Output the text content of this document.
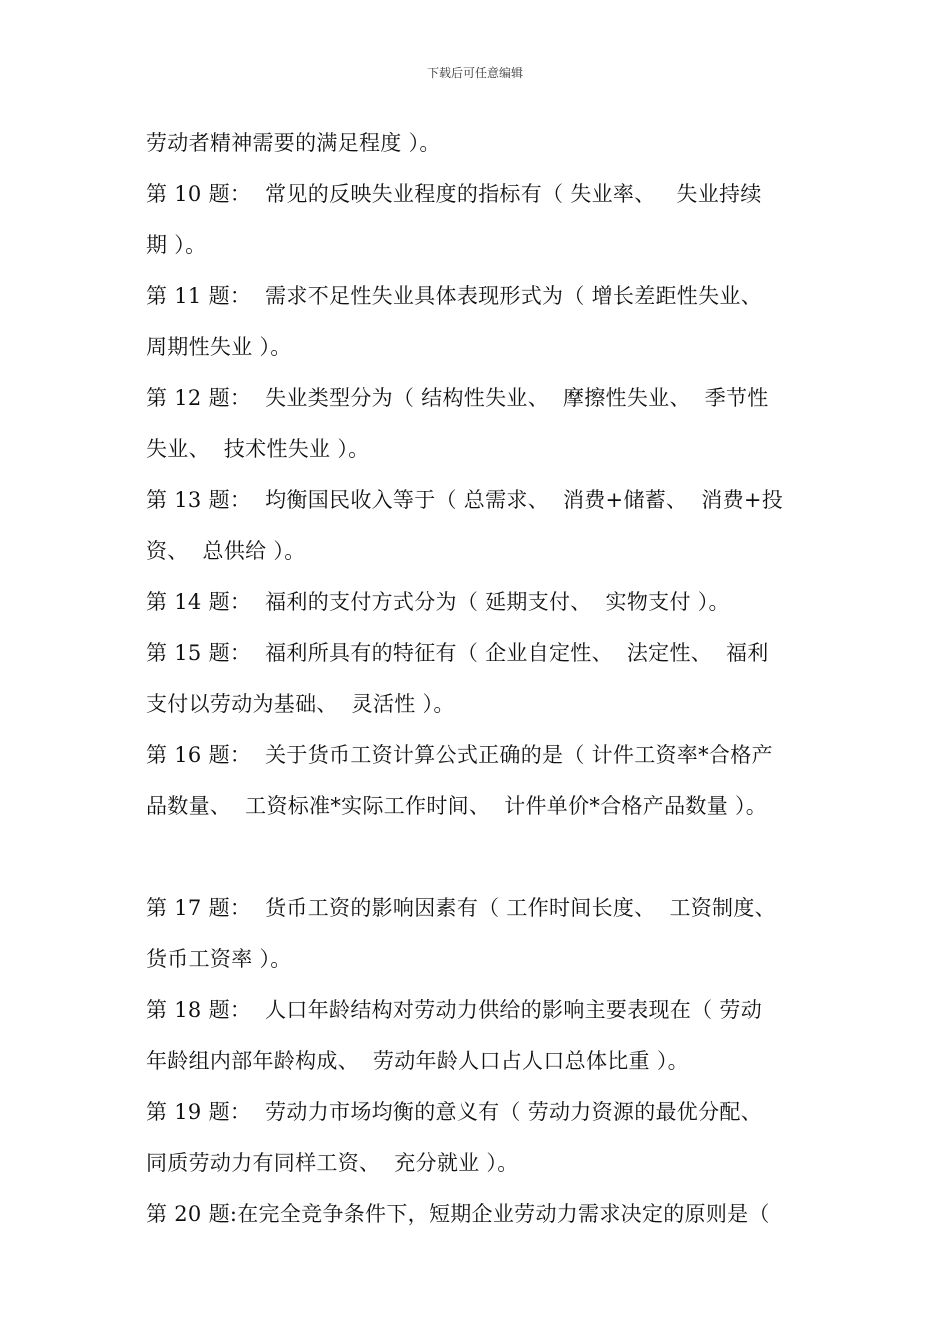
下载后可任意编辑
劳动者精神需要的满足程度 ）。
第 10 题：  常见的反映失业程度的指标有（ 失业率、   失业持续
期 ）。
第 11 题：  需求不足性失业具体表现形式为（ 增长差距性失业、
周期性失业 ）。
第 12 题：  失业类型分为（ 结构性失业、  摩擦性失业、  季节性
失业、  技术性失业 ）。
第 13 题：  均衡国民收入等于（ 总需求、  消费+储蓄、  消费+投
资、  总供给 ）。
第 14 题：  福利的支付方式分为（ 延期支付、  实物支付 ）。
第 15 题：  福利所具有的特征有（ 企业自定性、  法定性、  福利
支付以劳动为基础、  灵活性 ）。
第 16 题：  关于货币工资计算公式正确的是（ 计件工资率*合格产
品数量、  工资标准*实际工作时间、  计件单价*合格产品数量 ）。
第 17 题：  货币工资的影响因素有（ 工作时间长度、  工资制度、
货币工资率 ）。
第 18 题：  人口年龄结构对劳动力供给的影响主要表现在（ 劳动
年龄组内部年龄构成、  劳动年龄人口占人口总体比重 ）。
第 19 题：  劳动力市场均衡的意义有（ 劳动力资源的最优分配、
同质劳动力有同样工资、  充分就业 ）。
第 20 题:在完全竞争条件下，短期企业劳动力需求决定的原则是（
